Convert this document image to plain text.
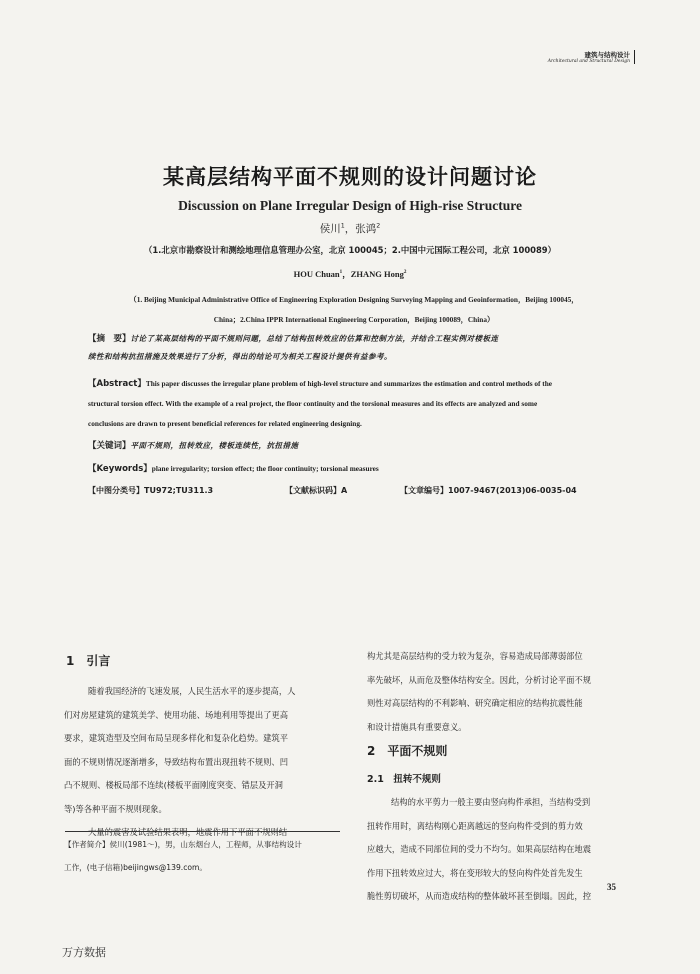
建筑与结构设计
Architectural and Structural Design
某高层结构平面不规则的设计问题讨论
Discussion on Plane Irregular Design of High-rise Structure
侯川$^1$，张鸿$^2$
（1.北京市勘察设计和测绘地理信息管理办公室，北京 100045；2.中国中元国际工程公司，北京 100089）
HOU Chuan$^1$，ZHANG Hong$^2$
（1. Beijing Municipal Administrative Office of Engineering Exploration Designing Surveying Mapping and Geoinformation，Beijing 100045，
China；2.China IPPR International Engineering Corporation，Beijing 100089，China）
【摘　要】讨论了某高层结构的平面不规则问题，总结了结构扭转效应的估算和控制方法，并结合工程实例对楼板连
续性和结构抗扭措施及效果进行了分析，得出的结论可为相关工程设计提供有益参考。
【Abstract】This paper discusses the irregular plane problem of high-level structure and summarizes the estimation and control methods of the
structural torsion effect. With the example of a real project, the floor continuity and the torsional measures and its effects are analyzed and some
conclusions are drawn to present beneficial references for related engineering designing.
【关键词】平面不规则，扭转效应，楼板连续性，抗扭措施
【Keywords】plane irregularity; torsion effect; the floor continuity; torsional measures
【中图分类号】TU972;TU311.3	【文献标识码】A	【文章编号】1007-9467(2013)06-0035-04
1　引言
随着我国经济的飞速发展，人民生活水平的逐步提高，人
们对房屋建筑的建筑美学、使用功能、场地利用等提出了更高
要求，建筑造型及空间布局呈现多样化和复杂化趋势。建筑平
面的不规则情况逐渐增多，导致结构布置出现扭转不规则、凹
凸不规则、楼板局部不连续(楼板平面刚度突变、错层及开洞
等)等各种平面不规则现象。
大量的震害及试验结果表明，地震作用下平面不规则结
【作者简介】侯川(1981～)，男，山东烟台人，工程师，从事结构设计
工作，(电子信箱)beijingws@139.com。
构尤其是高层结构的受力较为复杂，容易造成局部薄弱部位
率先破坏，从而危及整体结构安全。因此，分析讨论平面不规
则性对高层结构的不利影响、研究确定相应的结构抗震性能
和设计措施具有重要意义。
2　平面不规则
2.1　扭转不规则
结构的水平剪力一般主要由竖向构件承担，当结构受到
扭转作用时，离结构刚心距离越远的竖向构件受到的剪力效
应越大，造成不同部位间的受力不均匀。如果高层结构在地震
作用下扭转效应过大，将在变形较大的竖向构件处首先发生
脆性剪切破坏，从而造成结构的整体破坏甚至倒塌。因此，控
35
万方数据
